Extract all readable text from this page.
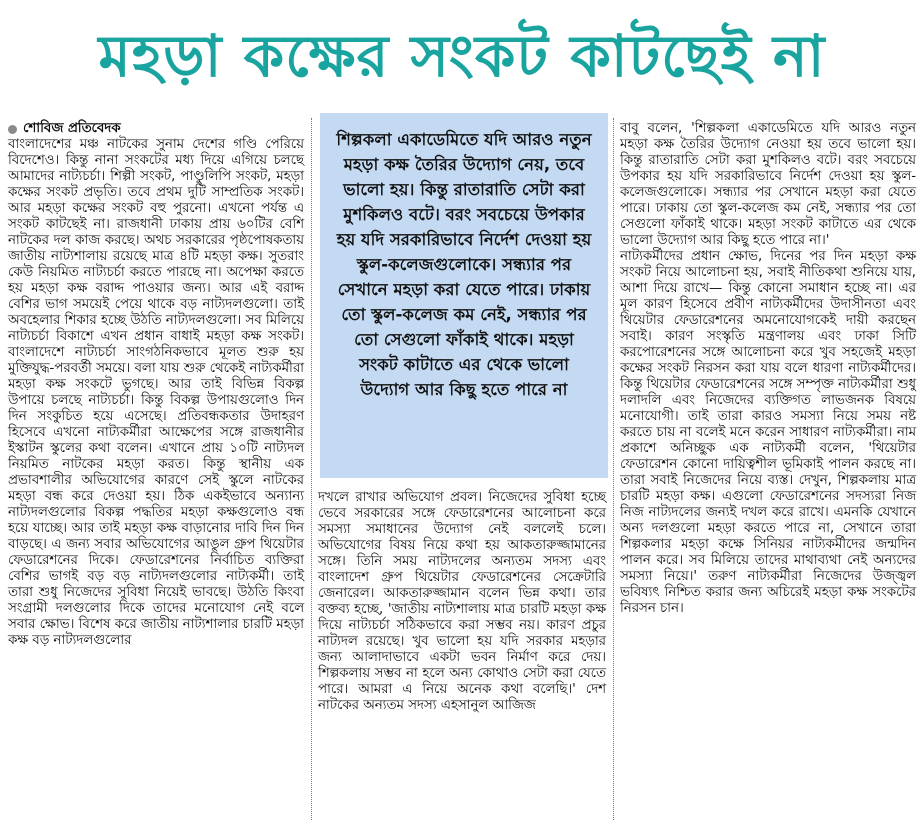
মহড়া কক্ষের সংকট কাটছেই না
শোবিজ প্রতিবেদক

বাংলাদেশের মঞ্চ নাটকের সুনাম দেশের গণ্ডি পেরিয়ে বিদেশেও। কিন্তু নানা সংকটের মধ্য দিয়ে এগিয়ে চলছে আমাদের নাট্যচর্চা। শিল্পী সংকট, পাণ্ডুলিপি সংকট, মহড়া কক্ষের সংকট প্রভৃতি। তবে প্রথম দুটি সাম্প্রতিক সংকট। আর মহড়া কক্ষের সংকট বহু পুরনো। এখনো পর্যন্ত এ সংকট কাটছেই না। রাজধানী ঢাকায় প্রায় ৬০টির বেশি নাটকের দল কাজ করছে। অথচ সরকারের পৃষ্ঠপোষকতায় জাতীয় নাট্যশালায় রয়েছে মাত্র ৪টি মহড়া কক্ষ। সুতরাং কেউ নিয়মিত নাট্যচর্চা করতে পারছে না। অপেক্ষা করতে হয় মহড়া কক্ষ বরাদ্দ পাওয়ার জন্য। আর এই বরাদ্দ বেশির ভাগ সময়েই পেয়ে থাকে বড় নাট্যদলগুলো। তাই অবহেলার শিকার হচ্ছে উঠতি নাট্যদলগুলো। সব মিলিয়ে নাট্যচর্চা বিকাশে এখন প্রধান বাধাই মহড়া কক্ষ সংকট। বাংলাদেশে নাট্যচর্চা সাংগঠনিকভাবে মূলত শুরু হয় মুক্তিযুদ্ধ-পরবর্তী সময়ে। বলা যায় শুরু থেকেই নাট্যকর্মীরা মহড়া কক্ষ সংকটে ভুগছে। আর তাই বিভিন্ন বিকল্প উপায়ে চলছে নাট্যচর্চা। কিন্তু বিকল্প উপায়গুলোও দিন দিন সংকুচিত হয়ে এসেছে। প্রতিবন্ধকতার উদাহরণ হিসেবে এখনো নাট্যকর্মীরা আক্ষেপের সঙ্গে রাজধানীর ইস্কাটন স্কুলের কথা বলেন। এখানে প্রায় ১০টি নাট্যদল নিয়মিত নাটকের মহড়া করত। কিন্তু স্থানীয় এক প্রভাবশালীর অভিযোগের কারণে সেই স্কুলে নাটকের মহড়া বন্ধ করে দেওয়া হয়। ঠিক একইভাবে অন্যান্য নাট্যদলগুলোর বিকল্প পদ্ধতির মহড়া কক্ষগুলোও বন্ধ হয়ে যাচ্ছে। আর তাই মহড়া কক্ষ বাড়ানোর দাবি দিন দিন বাড়ছে। এ জন্য সবার অভিযোগের আঙুল গ্রুপ থিয়েটার ফেডারেশনের দিকে। ফেডারেশনের নির্বাচিত ব্যক্তিরা বেশির ভাগই বড় বড় নাট্যদলগুলোর নাট্যকর্মী। তাই তারা শুধু নিজেদের সুবিধা নিয়েই ভাবছে। উঠতি কিংবা সংগ্রামী দলগুলোর দিকে তাদের মনোযোগ নেই বলে সবার ক্ষোভ। বিশেষ করে জাতীয় নাট্যশালার চারটি মহড়া কক্ষ বড় নাট্যদলগুলোর

শিল্পকলা একাডেমিতে যদি আরও নতুন মহড়া কক্ষ তৈরির উদ্যোগ নেয়, তবে ভালো হয়। কিন্তু রাতারাতি সেটা করা মুশকিলও বটে। বরং সবচেয়ে উপকার হয় যদি সরকারিভাবে নির্দেশ দেওয়া হয় স্কুল-কলেজগুলোকে। সন্ধ্যার পর সেখানে মহড়া করা যেতে পারে। ঢাকায় তো স্কুল-কলেজ কম নেই, সন্ধ্যার পর তো সেগুলো ফাঁকাই থাকে। মহড়া সংকট কাটাতে এর থেকে ভালো উদ্যোগ আর কিছু হতে পারে না

দখলে রাখার অভিযোগ প্রবল। নিজেদের সুবিধা হচ্ছে ভেবে সরকারের সঙ্গে ফেডারেশনের আলোচনা করে সমস্যা সমাধানের উদ্যোগ নেই বললেই চলে। অভিযোগের বিষয় নিয়ে কথা হয় আকতারুজ্জামানের সঙ্গে। তিনি সময় নাট্যদলের অন্যতম সদস্য এবং বাংলাদেশ গ্রুপ থিয়েটার ফেডারেশনের সেক্রেটারি জেনারেল। আকতারুজ্জামান বলেন ভিন্ন কথা। তার বক্তব্য হচ্ছে, 'জাতীয় নাট্যশালায় মাত্র চারটি মহড়া কক্ষ দিয়ে নাট্যচর্চা সঠিকভাবে করা সম্ভব নয়। কারণ প্রচুর নাট্যদল রয়েছে। খুব ভালো হয় যদি সরকার মহড়ার জন্য আলাদাভাবে একটা ভবন নির্মাণ করে দেয়। শিল্পকলায় সম্ভব না হলে অন্য কোথাও সেটা করা যেতে পারে। আমরা এ নিয়ে অনেক কথা বলেছি।' দেশ নাটকের অন্যতম সদস্য এহসানুল আজিজ

বাবু বলেন, 'শিল্পকলা একাডেমিতে যদি আরও নতুন মহড়া কক্ষ তৈরির উদ্যোগ নেওয়া হয় তবে ভালো হয়। কিন্তু রাতারাতি সেটা করা মুশকিলও বটে। বরং সবচেয়ে উপকার হয় যদি সরকারিভাবে নির্দেশ দেওয়া হয় স্কুল-কলেজগুলোকে। সন্ধ্যার পর সেখানে মহড়া করা যেতে পারে। ঢাকায় তো স্কুল-কলেজ কম নেই, সন্ধ্যার পর তো সেগুলো ফাঁকাই থাকে। মহড়া সংকট কাটাতে এর থেকে ভালো উদ্যোগ আর কিছু হতে পারে না।'

নাট্যকর্মীদের প্রধান ক্ষোভ, দিনের পর দিন মহড়া কক্ষ সংকট নিয়ে আলোচনা হয়, সবাই নীতিকথা শুনিয়ে যায়, আশা দিয়ে রাখে— কিন্তু কোনো সমাধান হচ্ছে না। এর মূল কারণ হিসেবে প্রবীণ নাট্যকর্মীদের উদাসীনতা এবং থিয়েটার ফেডারেশনের অমনোযোগকেই দায়ী করছেন সবাই। কারণ সংস্কৃতি মন্ত্রণালয় এবং ঢাকা সিটি করপোরেশনের সঙ্গে আলোচনা করে খুব সহজেই মহড়া কক্ষের সংকট নিরসন করা যায় বলে ধারণা নাট্যকর্মীদের। কিন্তু থিয়েটার ফেডারেশনের সঙ্গে সম্পৃক্ত নাট্যকর্মীরা শুধু দলাদলি এবং নিজেদের ব্যক্তিগত লাভজনক বিষয়ে মনোযোগী। তাই তারা কারও সমস্যা নিয়ে সময় নষ্ট করতে চায় না বলেই মনে করেন সাধারণ নাট্যকর্মীরা। নাম প্রকাশে অনিচ্ছুক এক নাট্যকর্মী বলেন, 'থিয়েটার ফেডারেশন কোনো দায়িত্বশীল ভূমিকাই পালন করছে না। তারা সবাই নিজেদের নিয়ে ব্যস্ত। দেখুন, শিল্পকলায় মাত্র চারটি মহড়া কক্ষ। এগুলো ফেডারেশনের সদস্যরা নিজ নিজ নাট্যদলের জন্যই দখল করে রাখে। এমনকি যেখানে অন্য দলগুলো মহড়া করতে পারে না, সেখানে তারা শিল্পকলার মহড়া কক্ষে সিনিয়র নাট্যকর্মীদের জন্মদিন পালন করে। সব মিলিয়ে তাদের মাথাব্যথা নেই অন্যদের সমস্যা নিয়ে।' তরুণ নাট্যকর্মীরা নিজেদের উজ্জ্বল ভবিষ্যৎ নিশ্চিত করার জন্য অচিরেই মহড়া কক্ষ সংকটের নিরসন চান।
